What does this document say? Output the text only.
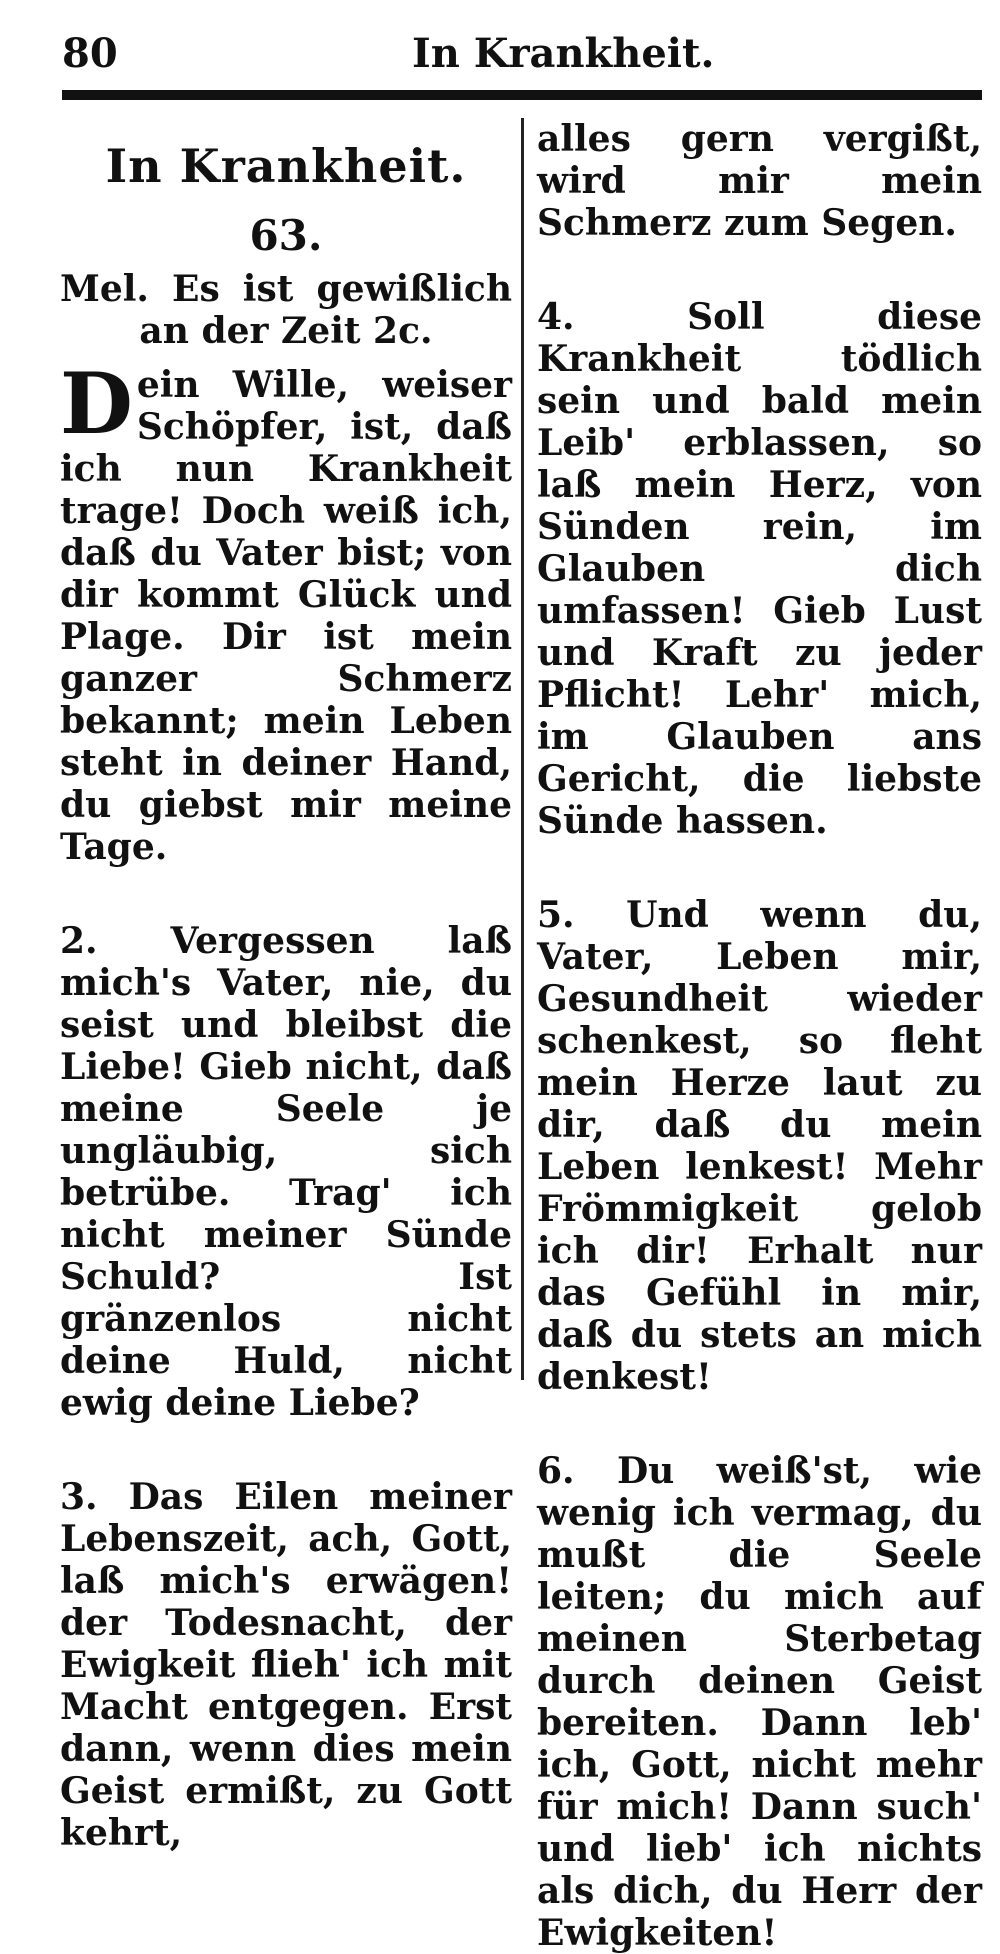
80	In Krankheit.
In Krankheit.
63.
Mel. Es ist gewißlich an der Zeit 2c.
Dein Wille, weiser Schöpfer, ist, daß ich nun Krankheit trage! Doch weiß ich, daß du Vater bist; von dir kommt Glück und Plage. Dir ist mein ganzer Schmerz bekannt; mein Leben steht in deiner Hand, du giebst mir meine Tage.
2. Vergessen laß mich's Vater, nie, du seist und bleibst die Liebe! Gieb nicht, daß meine Seele je ungläubig, sich betrübe. Trag' ich nicht meiner Sünde Schuld? Ist gränzenlos nicht deine Huld, nicht ewig deine Liebe?
3. Das Eilen meiner Lebenszeit, ach, Gott, laß mich's erwägen! der Todesnacht, der Ewigkeit flieh' ich mit Macht entgegen. Erst dann, wenn dies mein Geist ermißt, zu Gott kehrt,
alles gern vergißt, wird mir mein Schmerz zum Segen.
4. Soll diese Krankheit tödlich sein und bald mein Leib' erblassen, so laß mein Herz, von Sünden rein, im Glauben dich umfassen! Gieb Lust und Kraft zu jeder Pflicht! Lehr' mich, im Glauben ans Gericht, die liebste Sünde hassen.
5. Und wenn du, Vater, Leben mir, Gesundheit wieder schenkest, so fleht mein Herze laut zu dir, daß du mein Leben lenkest! Mehr Frömmigkeit gelob ich dir! Erhalt nur das Gefühl in mir, daß du stets an mich denkest!
6. Du weiß'st, wie wenig ich vermag, du mußt die Seele leiten; du mich auf meinen Sterbetag durch deinen Geist bereiten. Dann leb' ich, Gott, nicht mehr für mich! Dann such' und lieb' ich nichts als dich, du Herr der Ewigkeiten!
